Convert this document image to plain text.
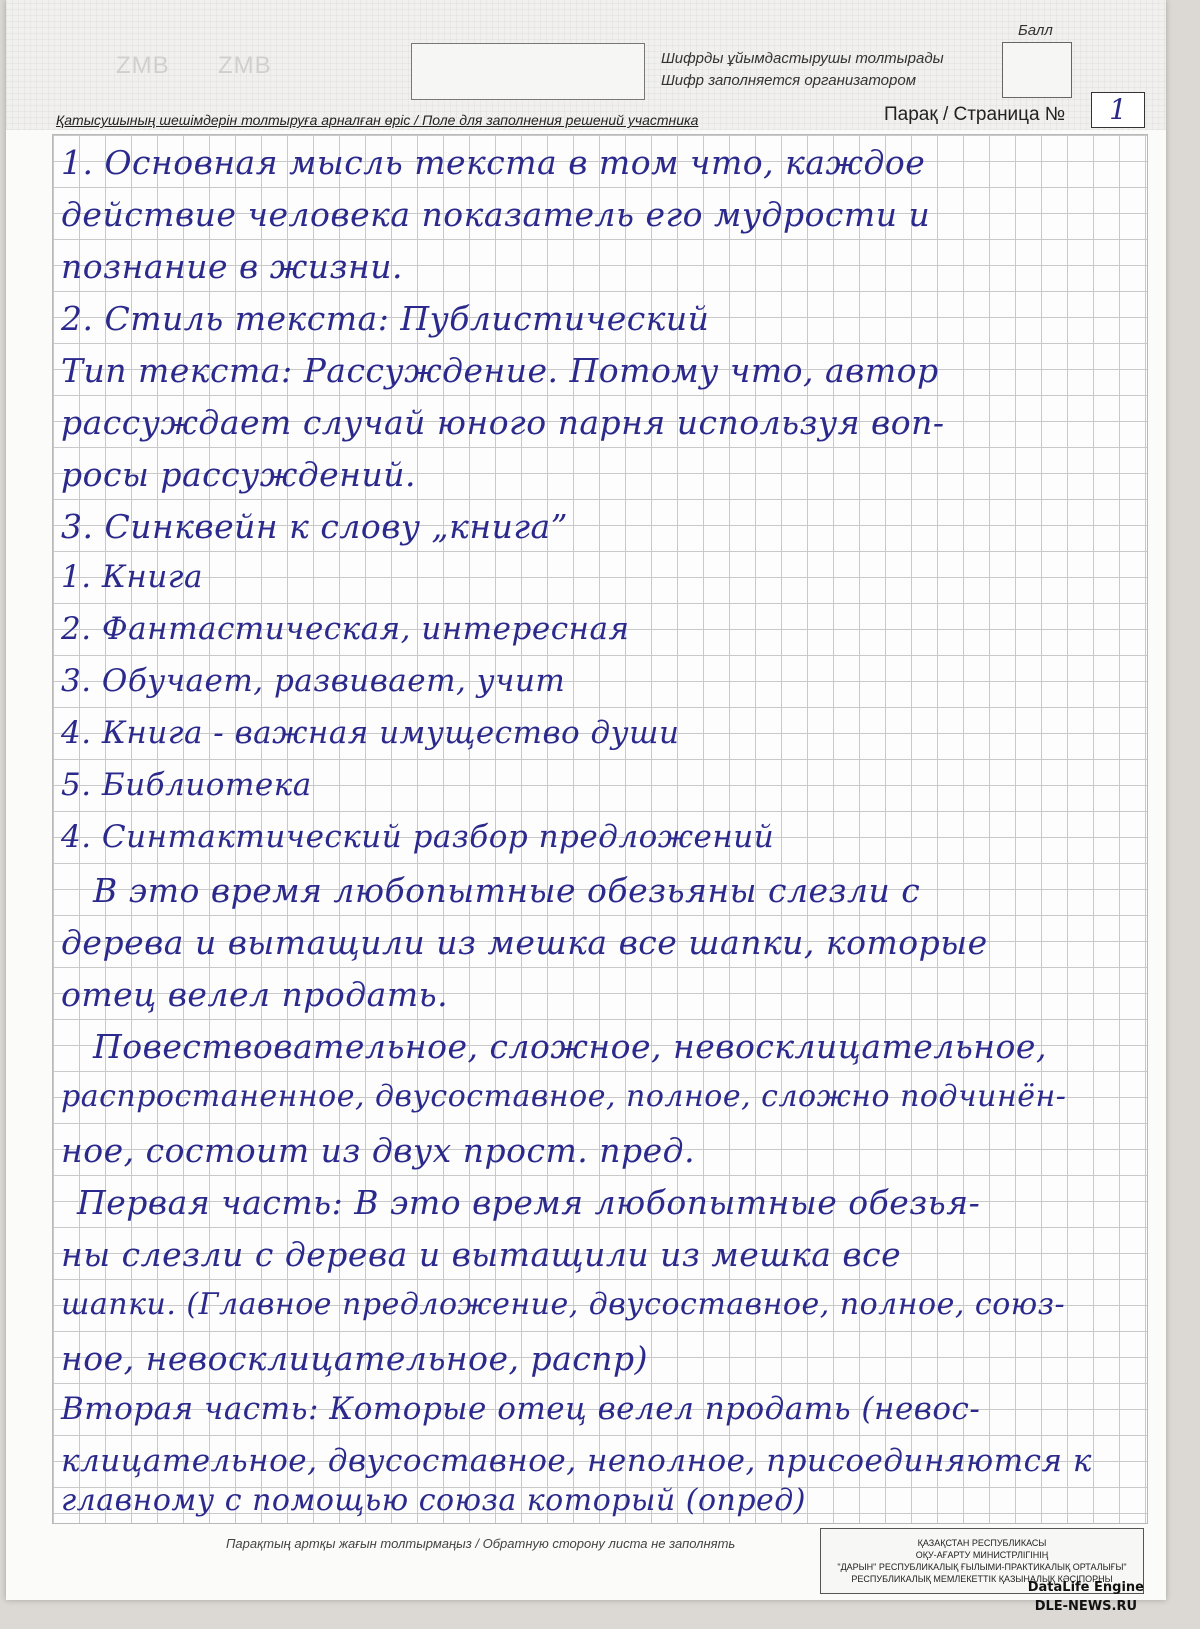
ZMB ZMB	Шифрды ұйымдастырушы толтырады
Шифр заполняется организатором
Балл
Қатысушының шешімдерін толтыруға арналған өріс / Поле для заполнения решений участника	Парақ / Страница №	1

1. Основная мысль текста в том что, каждое

действие человека показатель его мудрости и

познание в жизни.

2. Стиль текста: Публистический

Тип текста: Рассуждение. Потому что, автор

рассуждает случай юного парня используя воп-

росы рассуждений.

3. Синквейн к слову „книга”

1. Книга

2. Фантастическая, интересная

3. Обучает, развивает, учит

4. Книга - важная имущество души

5. Библиотека

4. Синтактический разбор предложений

В это время любопытные обезьяны слезли с

дерева и вытащили из мешка все шапки, которые

отец велел продать.

Повествовательное, сложное, невосклицательное,

распростаненное, двусоставное, полное, сложно подчинён-

ное, состоит из двух прост. пред.

Первая часть: В это время любопытные обезья-

ны слезли с дерева и вытащили из мешка все

шапки. (Главное предложение, двусоставное, полное, союз-

ное, невосклицательное, распр)

Вторая часть: Которые отец велел продать (невос-

клицательное, двусоставное, неполное, присоединяются к

главному с помощью союза который (опред)

Парақтың артқы жағын толтырмаңыз / Обратную сторону листа не заполнять	ҚАЗАҚСТАН РЕСПУБЛИКАСЫ
ОҚУ-АҒАРТУ МИНИСТРЛІГІНІҢ
"ДАРЫН" РЕСПУБЛИКАЛЫҚ ҒЫЛЫМИ-ПРАКТИКАЛЫҚ ОРТАЛЫҒЫ"
РЕСПУБЛИКАЛЫҚ МЕМЛЕКЕТТІК ҚАЗЫНАЛЫҚ КӘСІПОРНЫ
DataLife Engine
DLE-NEWS.RU
